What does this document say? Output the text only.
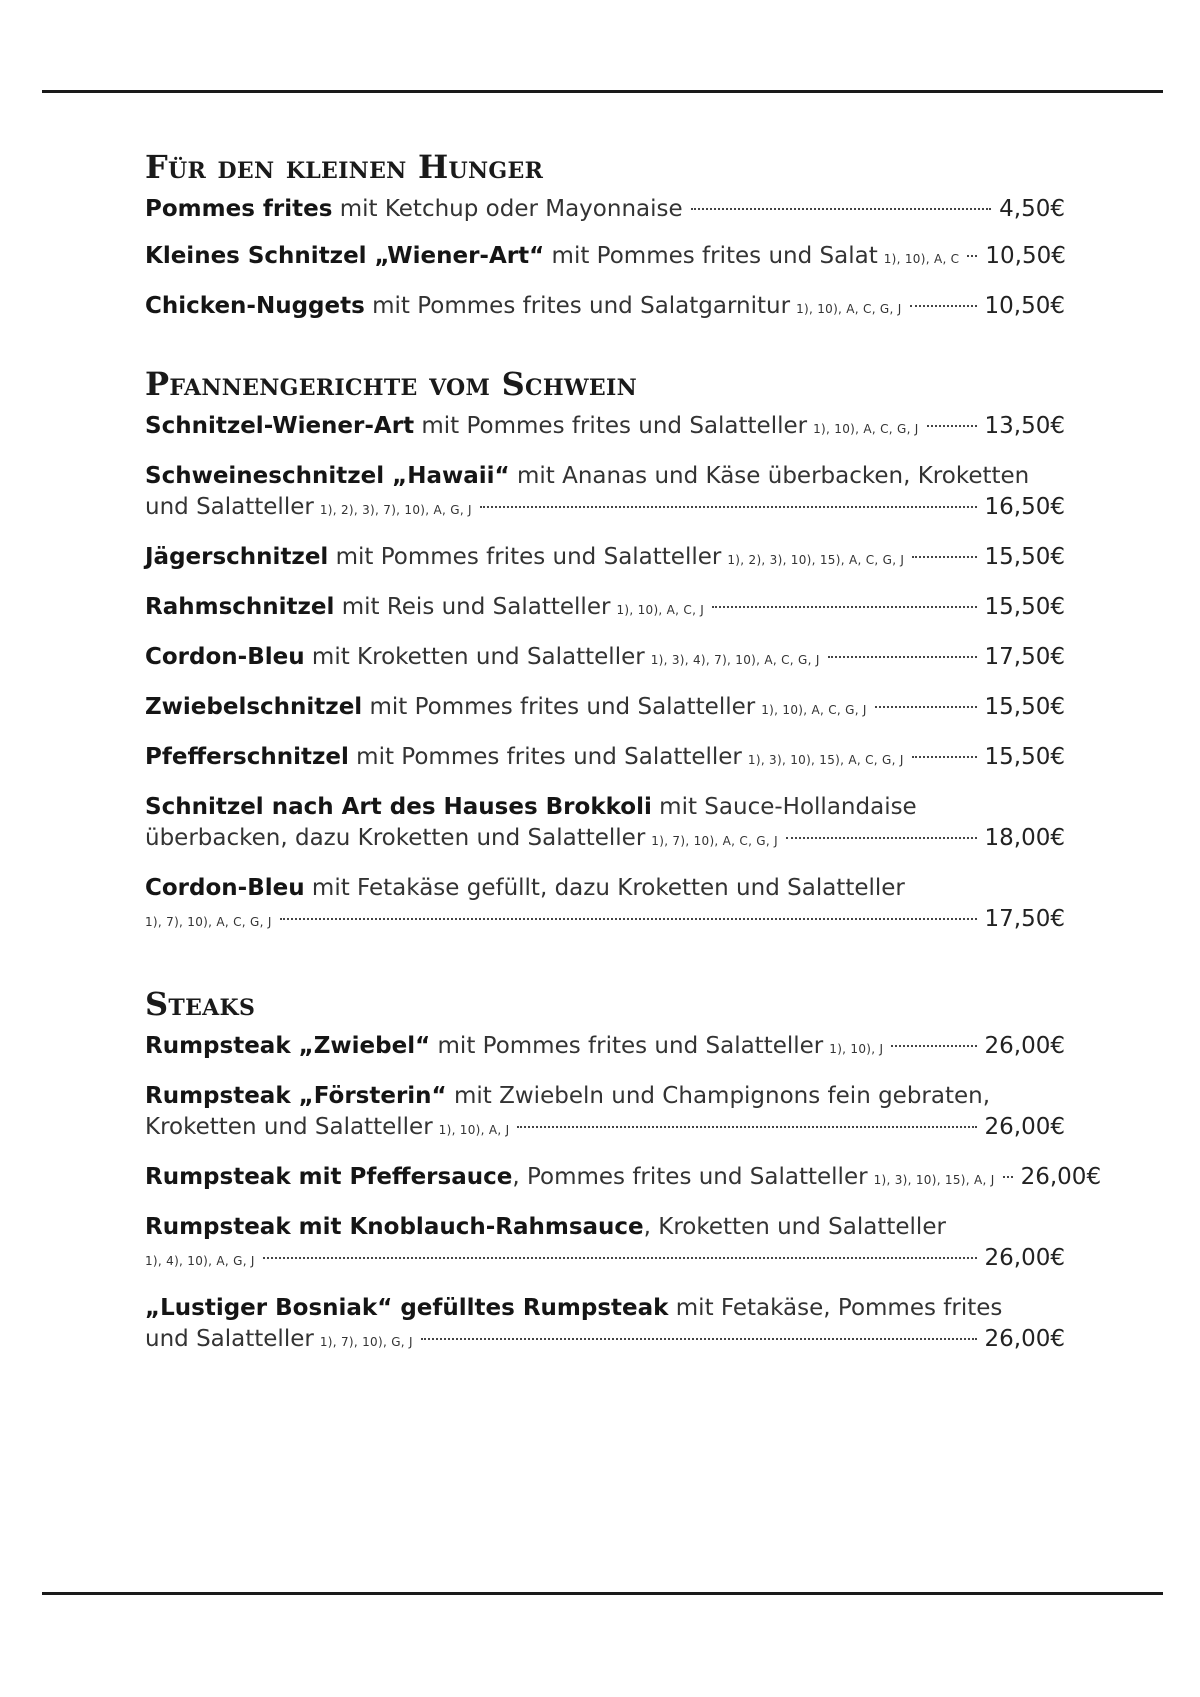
Für den kleinen Hunger
Pommes frites mit Ketchup oder Mayonnaise	4,50€
Kleines Schnitzel „Wiener-Art“ mit Pommes frites und Salat 1), 10), A, C 10,50€
Chicken-Nuggets mit Pommes frites und Salatgarnitur 1), 10), A, C, G, J	10,50€
Pfannengerichte vom Schwein
Schnitzel-Wiener-Art mit Pommes frites und Salatteller 1), 10), A, C, G, J	13,50€
Schweineschnitzel „Hawaii“ mit Ananas und Käse überbacken, Kroketten
und Salatteller 1), 2), 3), 7), 10), A, G, J	16,50€
Jägerschnitzel mit Pommes frites und Salatteller 1), 2), 3), 10), 15), A, C, G, J	15,50€
Rahmschnitzel mit Reis und Salatteller 1), 10), A, C, J	15,50€
Cordon-Bleu mit Kroketten und Salatteller 1), 3), 4), 7), 10), A, C, G, J	17,50€
Zwiebelschnitzel mit Pommes frites und Salatteller 1), 10), A, C, G, J	15,50€
Pfefferschnitzel mit Pommes frites und Salatteller 1), 3), 10), 15), A, C, G, J	15,50€
Schnitzel nach Art des Hauses Brokkoli mit Sauce-Hollandaise
überbacken, dazu Kroketten und Salatteller 1), 7), 10), A, C, G, J	18,00€
Cordon-Bleu mit Fetakäse gefüllt, dazu Kroketten und Salatteller
1), 7), 10), A, C, G, J	17,50€
Steaks
Rumpsteak „Zwiebel“ mit Pommes frites und Salatteller 1), 10), J	26,00€
Rumpsteak „Försterin“ mit Zwiebeln und Champignons fein gebraten,
Kroketten und Salatteller 1), 10), A, J	26,00€
Rumpsteak mit Pfeffersauce, Pommes frites und Salatteller 1), 3), 10), 15), A, J 26,00€
Rumpsteak mit Knoblauch-Rahmsauce, Kroketten und Salatteller
1), 4), 10), A, G, J	26,00€
„Lustiger Bosniak“ gefülltes Rumpsteak mit Fetakäse, Pommes frites
und Salatteller 1), 7), 10), G, J	26,00€
